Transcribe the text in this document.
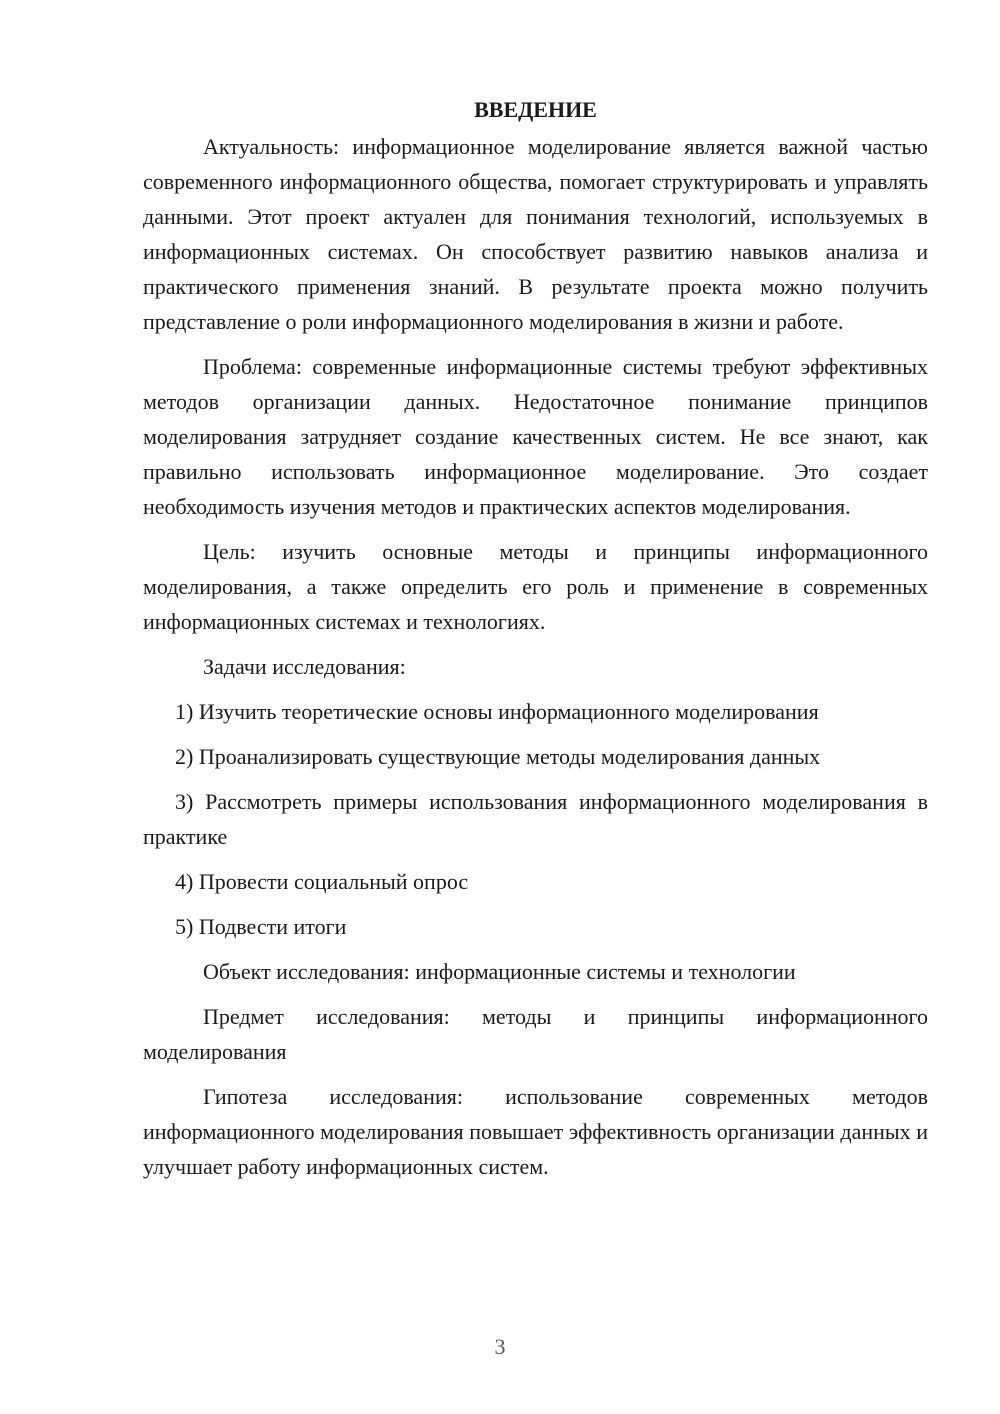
ВВЕДЕНИЕ

Актуальность: информационное моделирование является важной частью современного информационного общества, помогает структурировать и управлять данными. Этот проект актуален для понимания технологий, используемых в информационных системах. Он способствует развитию навыков анализа и практического применения знаний. В результате проекта можно получить представление о роли информационного моделирования в жизни и работе.

Проблема: современные информационные системы требуют эффективных методов организации данных. Недостаточное понимание принципов моделирования затрудняет создание качественных систем. Не все знают, как правильно использовать информационное моделирование. Это создает необходимость изучения методов и практических аспектов моделирования.

Цель: изучить основные методы и принципы информационного моделирования, а также определить его роль и применение в современных информационных системах и технологиях.

Задачи исследования:

1) Изучить теоретические основы информационного моделирования

2) Проанализировать существующие методы моделирования данных

3) Рассмотреть примеры использования информационного моделирования в практике

4) Провести социальный опрос

5) Подвести итоги

Объект исследования: информационные системы и технологии

Предмет исследования: методы и принципы информационного моделирования

Гипотеза исследования: использование современных методов информационного моделирования повышает эффективность организации данных и улучшает работу информационных систем.

3
